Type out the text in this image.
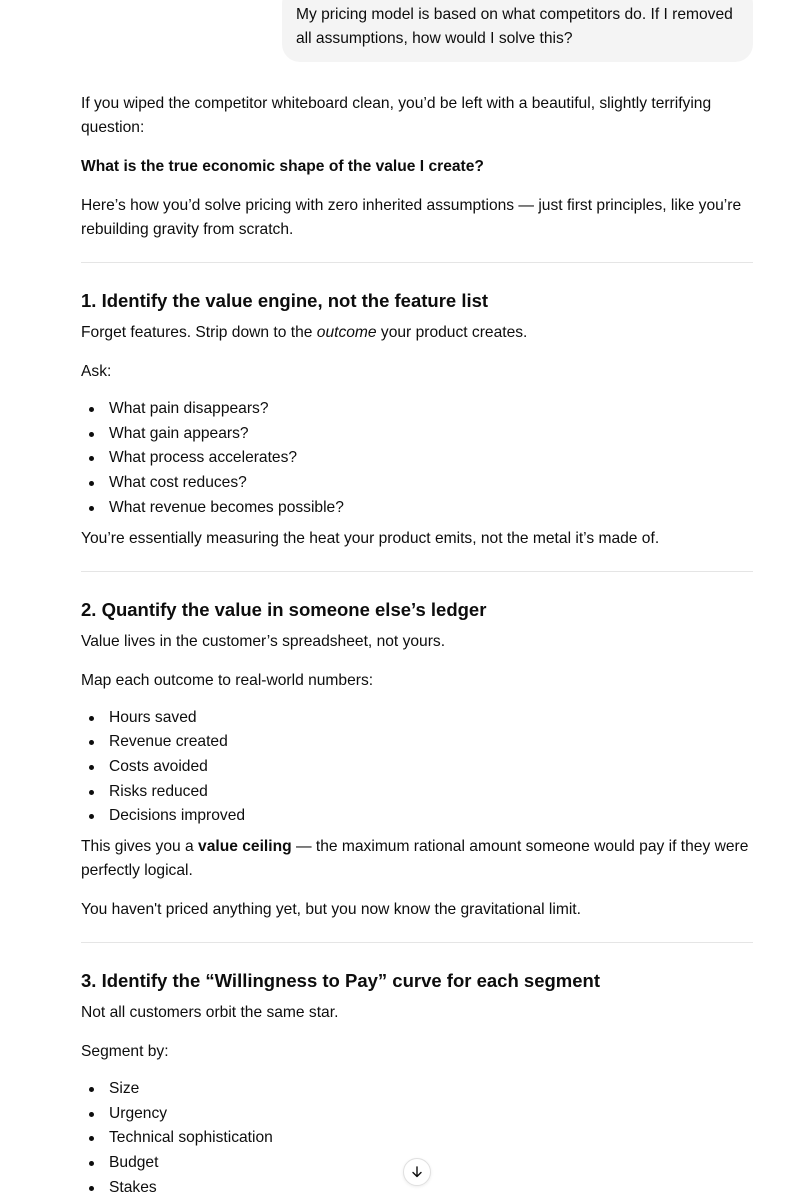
My pricing model is based on what competitors do. If I removed all assumptions, how would I solve this?

If you wiped the competitor whiteboard clean, you’d be left with a beautiful, slightly terrifying question:

What is the true economic shape of the value I create?

Here’s how you’d solve pricing with zero inherited assumptions — just first principles, like you’re rebuilding gravity from scratch.

1. Identify the value engine, not the feature list

Forget features. Strip down to the outcome your product creates.

Ask:

What pain disappears?
What gain appears?
What process accelerates?
What cost reduces?
What revenue becomes possible?

You’re essentially measuring the heat your product emits, not the metal it’s made of.

2. Quantify the value in someone else’s ledger

Value lives in the customer’s spreadsheet, not yours.

Map each outcome to real-world numbers:

Hours saved
Revenue created
Costs avoided
Risks reduced
Decisions improved

This gives you a value ceiling — the maximum rational amount someone would pay if they were perfectly logical.

You haven't priced anything yet, but you now know the gravitational limit.

3. Identify the “Willingness to Pay” curve for each segment

Not all customers orbit the same star.

Segment by:

Size
Urgency
Technical sophistication
Budget
Stakes
